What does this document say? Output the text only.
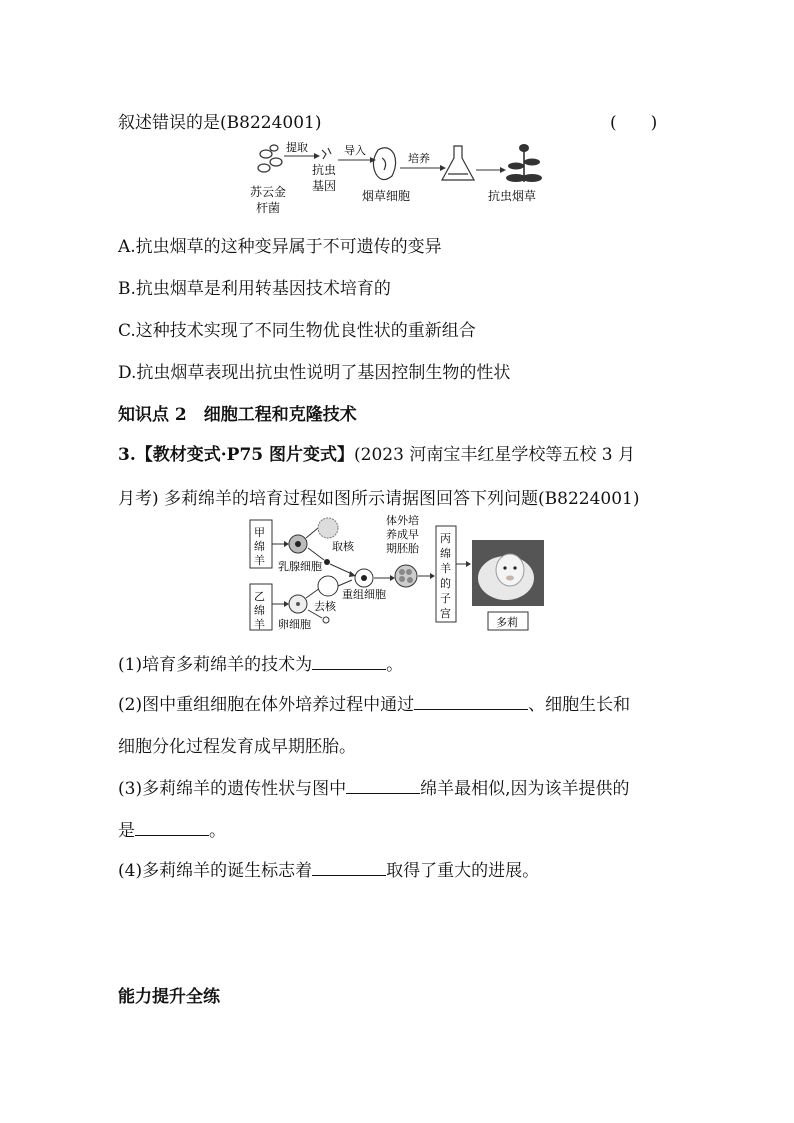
叙述错误的是(B8224001)	(　　)
苏云金
杆菌
提取
抗虫
基因
导入
烟草细胞
培养
抗虫烟草
A.抗虫烟草的这种变异属于不可遗传的变异
B.抗虫烟草是利用转基因技术培育的
C.这种技术实现了不同生物优良性状的重新组合
D.抗虫烟草表现出抗虫性说明了基因控制生物的性状
知识点 2　细胞工程和克隆技术
3.【教材变式·P75 图片变式】(2023 河南宝丰红星学校等五校 3 月
月考) 多莉绵羊的培育过程如图所示请据图回答下列问题(B8224001)
甲
绵
羊
乙
绵
羊
乳腺细胞
取核
卵细胞
去核
重组细胞
体外培
养成早
期胚胎
丙
绵
羊
的
子
宫
多莉
(1)培育多莉绵羊的技术为	。
(2)图中重组细胞在体外培养过程中通过	、细胞生长和
细胞分化过程发育成早期胚胎。
(3)多莉绵羊的遗传性状与图中	绵羊最相似,因为该羊提供的
是	。
(4)多莉绵羊的诞生标志着	取得了重大的进展。
能力提升全练
